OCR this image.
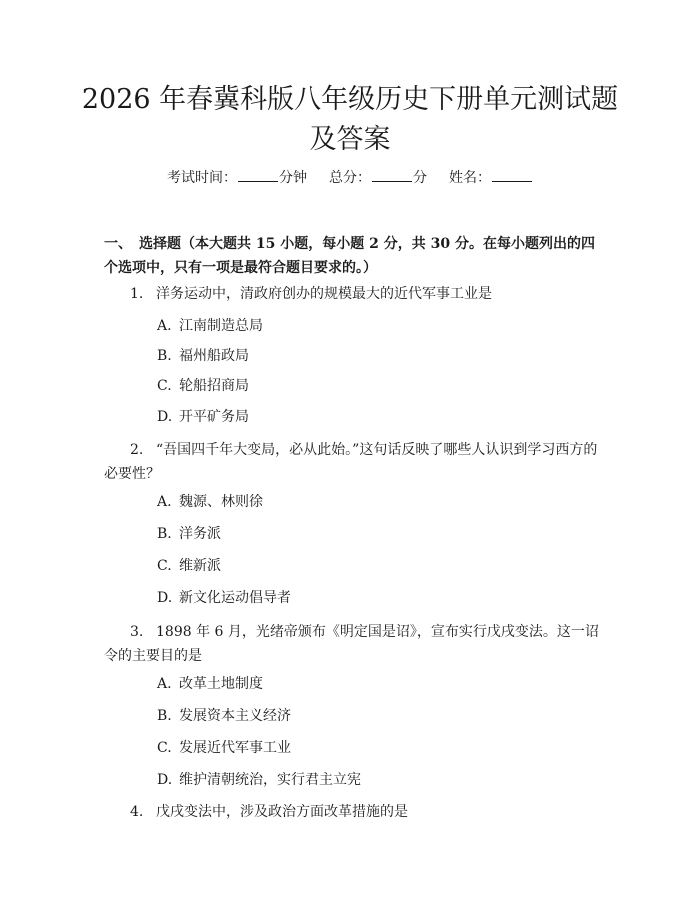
2026 年春冀科版八年级历史下册单元测试题
及答案
考试时间：	分钟 总分：	分 姓名：
一、　选择题（本大题共 15 小题，每小题 2 分，共 30 分。在每小题列出的四个选项中，只有一项是最符合题目要求的。）
1. 洋务运动中，清政府创办的规模最大的近代军事工业是
A. 江南制造总局
B. 福州船政局
C. 轮船招商局
D. 开平矿务局
2. “吾国四千年大变局，必从此始。”这句话反映了哪些人认识到学习西方的必要性？
A. 魏源、林则徐
B. 洋务派
C. 维新派
D. 新文化运动倡导者
3. 1898 年 6 月，光绪帝颁布《明定国是诏》，宣布实行戊戌变法。这一诏令的主要目的是
A. 改革土地制度
B. 发展资本主义经济
C. 发展近代军事工业
D. 维护清朝统治，实行君主立宪
4. 戊戌变法中，涉及政治方面改革措施的是
